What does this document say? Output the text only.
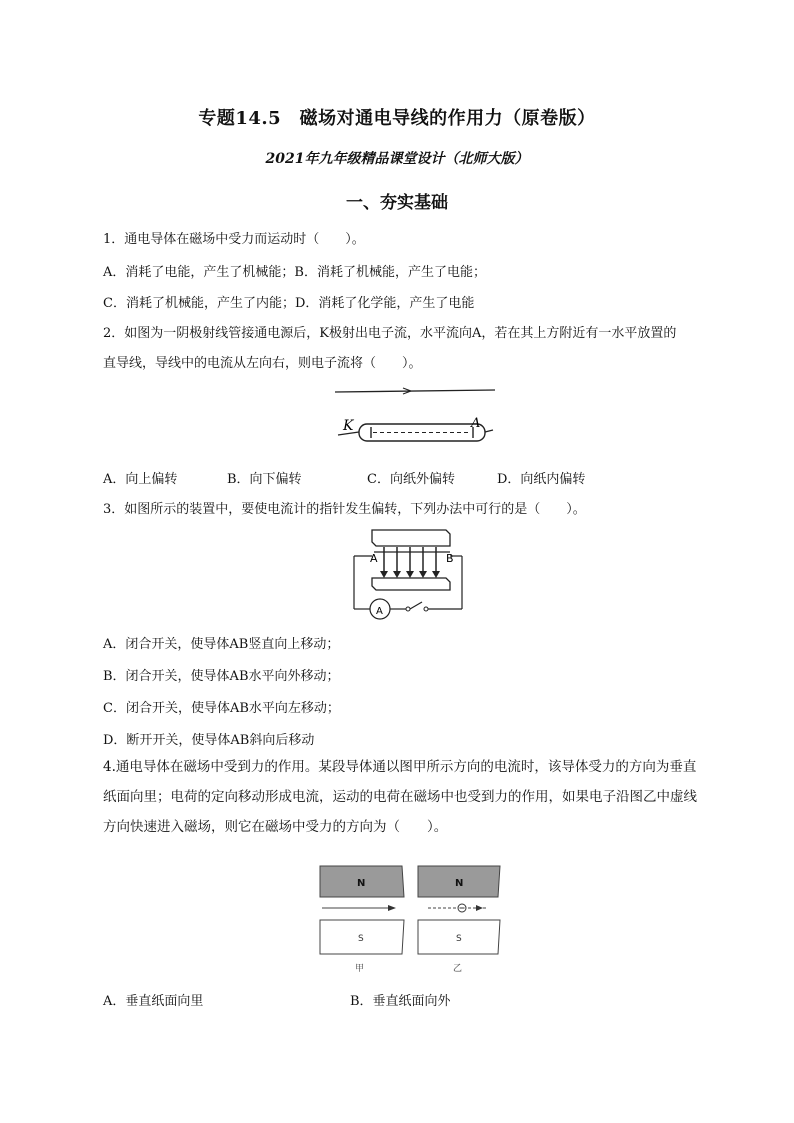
专题14.5　磁场对通电导线的作用力（原卷版）
2021年九年级精品课堂设计（北师大版）
一、夯实基础
1．通电导体在磁场中受力而运动时（　　）。
A．消耗了电能，产生了机械能；B．消耗了机械能，产生了电能；
C．消耗了机械能，产生了内能；D．消耗了化学能，产生了电能
2．如图为一阴极射线管接通电源后，K极射出电子流，水平流向A，若在其上方附近有一水平放置的
直导线，导线中的电流从左向右，则电子流将（　　）。
K	A
A．向上偏转	B．向下偏转	C．向纸外偏转	D．向纸内偏转
3．如图所示的装置中，要使电流计的指针发生偏转，下列办法中可行的是（　　）。
A	B
A
A．闭合开关，使导体AB竖直向上移动；
B．闭合开关，使导体AB水平向外移动；
C．闭合开关，使导体AB水平向左移动；
D．断开开关，使导体AB斜向后移动
4.通电导体在磁场中受到力的作用。某段导体通以图甲所示方向的电流时，该导体受力的方向为垂直纸面向里；电荷的定向移动形成电流，运动的电荷在磁场中也受到力的作用，如果电子沿图乙中虚线方向快速进入磁场，则它在磁场中受力的方向为（　　）。
N
S
N
S
甲	乙
A．垂直纸面向里	B．垂直纸面向外
